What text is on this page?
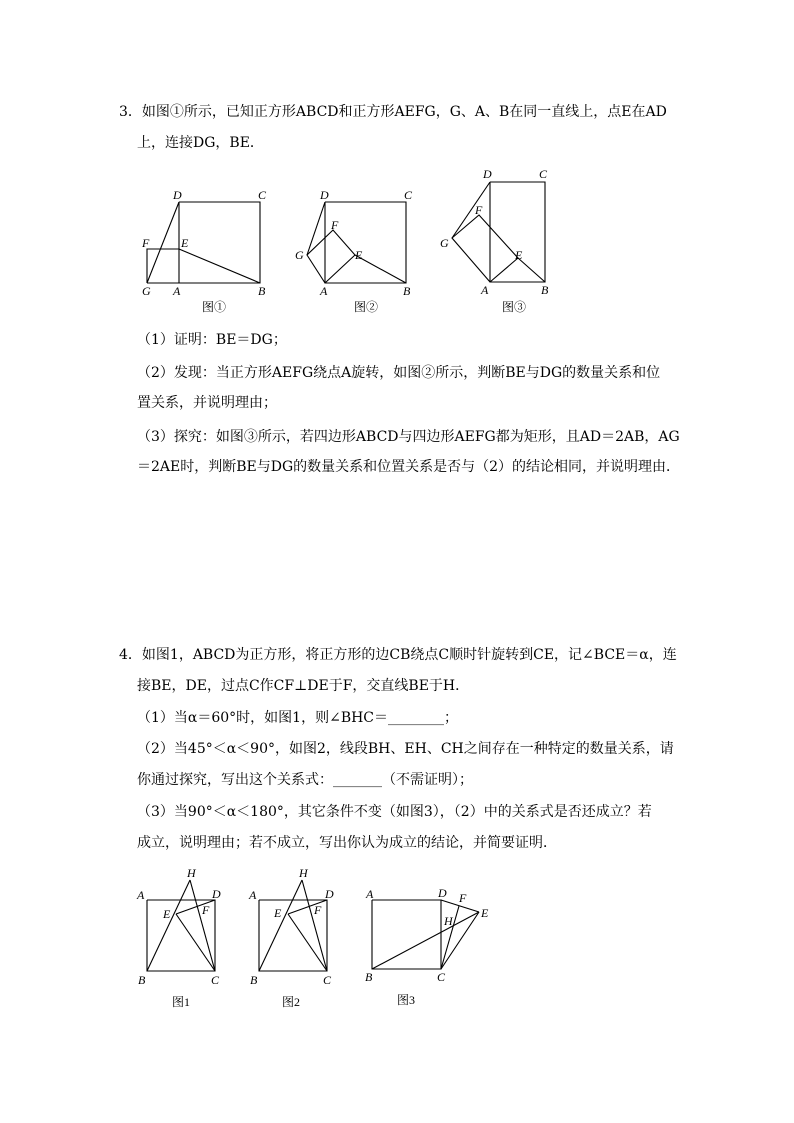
3．如图①所示，已知正方形ABCD和正方形AEFG，G、A、B在同一直线上，点E在AD
上，连接DG，BE．
D	C
F	E
G A	B
图①
D	C
F
G	E
A	B
图②
D	C
F
G
E
A	B
图③
（1）证明：BE＝DG；
（2）发现：当正方形AEFG绕点A旋转，如图②所示，判断BE与DG的数量关系和位
置关系，并说明理由；
（3）探究：如图③所示，若四边形ABCD与四边形AEFG都为矩形，且AD＝2AB，AG
＝2AE时，判断BE与DG的数量关系和位置关系是否与（2）的结论相同，并说明理由．
4．如图1，ABCD为正方形，将正方形的边CB绕点C顺时针旋转到CE，记∠BCE＝α，连
接BE，DE，过点C作CF⊥DE于F，交直线BE于H．
（1）当α＝60°时，如图1，则∠BHC＝________；
（2）当45°＜α＜90°，如图2，线段BH、EH、CH之间存在一种特定的数量关系，请
你通过探究，写出这个关系式：_______（不需证明）；
（3）当90°＜α＜180°，其它条件不变（如图3），（2）中的关系式是否还成立？若
成立，说明理由；若不成立，写出你认为成立的结论，并简要证明．
A
H
D
E	F
B	C
图1
A
H
D
E	F
B	C
图2
A	D F
E
H
B	C
图3
